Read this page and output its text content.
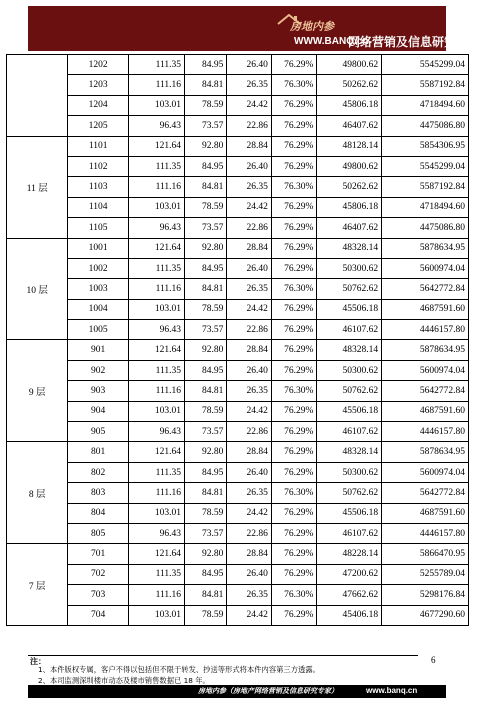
房地内参
WWW.BANQ.cn
网络营销及信息研究专家
	1202	111.35	84.95	26.40	76.29%	49800.62	5545299.04
	1203	111.16	84.81	26.35	76.30%	50262.62	5587192.84
	1204	103.01	78.59	24.42	76.29%	45806.18	4718494.60
	1205	96.43	73.57	22.86	76.29%	46407.62	4475086.80
11 层	1101	121.64	92.80	28.84	76.29%	48128.14	5854306.95
	1102	111.35	84.95	26.40	76.29%	49800.62	5545299.04
	1103	111.16	84.81	26.35	76.30%	50262.62	5587192.84
	1104	103.01	78.59	24.42	76.29%	45806.18	4718494.60
	1105	96.43	73.57	22.86	76.29%	46407.62	4475086.80
10 层	1001	121.64	92.80	28.84	76.29%	48328.14	5878634.95
	1002	111.35	84.95	26.40	76.29%	50300.62	5600974.04
	1003	111.16	84.81	26.35	76.30%	50762.62	5642772.84
	1004	103.01	78.59	24.42	76.29%	45506.18	4687591.60
	1005	96.43	73.57	22.86	76.29%	46107.62	4446157.80
9 层	901	121.64	92.80	28.84	76.29%	48328.14	5878634.95
	902	111.35	84.95	26.40	76.29%	50300.62	5600974.04
	903	111.16	84.81	26.35	76.30%	50762.62	5642772.84
	904	103.01	78.59	24.42	76.29%	45506.18	4687591.60
	905	96.43	73.57	22.86	76.29%	46107.62	4446157.80
8 层	801	121.64	92.80	28.84	76.29%	48328.14	5878634.95
	802	111.35	84.95	26.40	76.29%	50300.62	5600974.04
	803	111.16	84.81	26.35	76.30%	50762.62	5642772.84
	804	103.01	78.59	24.42	76.29%	45506.18	4687591.60
	805	96.43	73.57	22.86	76.29%	46107.62	4446157.80
7 层	701	121.64	92.80	28.84	76.29%	48228.14	5866470.95
	702	111.35	84.95	26.40	76.29%	47200.62	5255789.04
	703	111.16	84.81	26.35	76.30%	47662.62	5298176.84
	704	103.01	78.59	24.42	76.29%	45406.18	4677290.60
注：
1、本件版权专属，客户不得以包括但不限于转发、抄送等形式将本件内容第三方透露。
2、本司监测深圳楼市动态及楼市销售数据已 18 年。
6
房地内参（房地产网络营销及信息研究专家）	www.banq.cn
